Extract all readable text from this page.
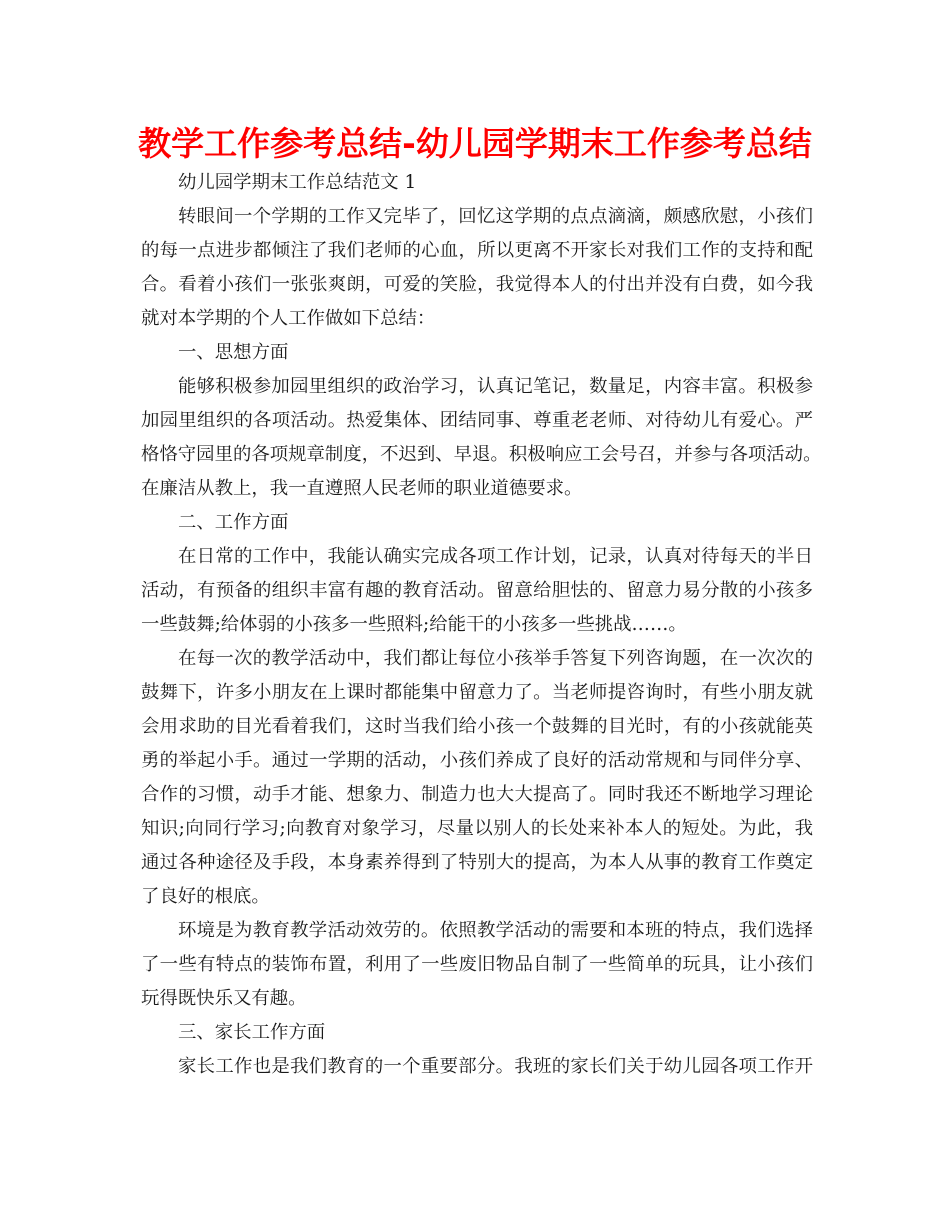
教学工作参考总结-幼儿园学期末工作参考总结

幼儿园学期末工作总结范文 1

转眼间一个学期的工作又完毕了，回忆这学期的点点滴滴，颇感欣慰，小孩们
的每一点进步都倾注了我们老师的心血，所以更离不开家长对我们工作的支持和配
合。看着小孩们一张张爽朗，可爱的笑脸，我觉得本人的付出并没有白费，如今我
就对本学期的个人工作做如下总结：

一、思想方面

能够积极参加园里组织的政治学习，认真记笔记，数量足，内容丰富。积极参
加园里组织的各项活动。热爱集体、团结同事、尊重老老师、对待幼儿有爱心。严
格恪守园里的各项规章制度，不迟到、早退。积极响应工会号召，并参与各项活动。
在廉洁从教上，我一直遵照人民老师的职业道德要求。

二、工作方面

在日常的工作中，我能认确实完成各项工作计划，记录，认真对待每天的半日
活动，有预备的组织丰富有趣的教育活动。留意给胆怯的、留意力易分散的小孩多
一些鼓舞;给体弱的小孩多一些照料;给能干的小孩多一些挑战……。

在每一次的教学活动中，我们都让每位小孩举手答复下列咨询题，在一次次的
鼓舞下，许多小朋友在上课时都能集中留意力了。当老师提咨询时，有些小朋友就
会用求助的目光看着我们，这时当我们给小孩一个鼓舞的目光时，有的小孩就能英
勇的举起小手。通过一学期的活动，小孩们养成了良好的活动常规和与同伴分享、
合作的习惯，动手才能、想象力、制造力也大大提高了。同时我还不断地学习理论
知识;向同行学习;向教育对象学习，尽量以别人的长处来补本人的短处。为此，我
通过各种途径及手段，本身素养得到了特别大的提高，为本人从事的教育工作奠定
了良好的根底。

环境是为教育教学活动效劳的。依照教学活动的需要和本班的特点，我们选择
了一些有特点的装饰布置，利用了一些废旧物品自制了一些简单的玩具，让小孩们
玩得既快乐又有趣。

三、家长工作方面

家长工作也是我们教育的一个重要部分。我班的家长们关于幼儿园各项工作开
